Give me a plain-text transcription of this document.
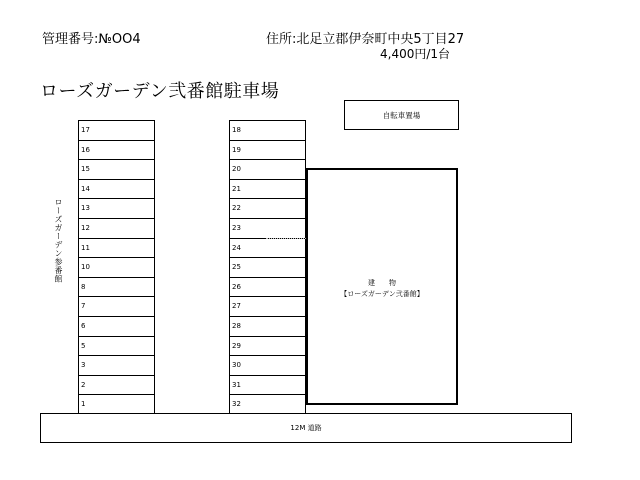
管理番号:№OO4	住所:北足立郡伊奈町中央5丁目27
4,400円/1台
ローズガーデン弐番館駐車場
自転車置場
ローズガーデン参番館
17
16
15
14
13
12
11
10
8
7
6
5
3
2
1
18
19
20
21
22
23
24
25
26
27
28
29
30
31
32
建　　物
【ローズガーデン弐番館】
12M 道路
